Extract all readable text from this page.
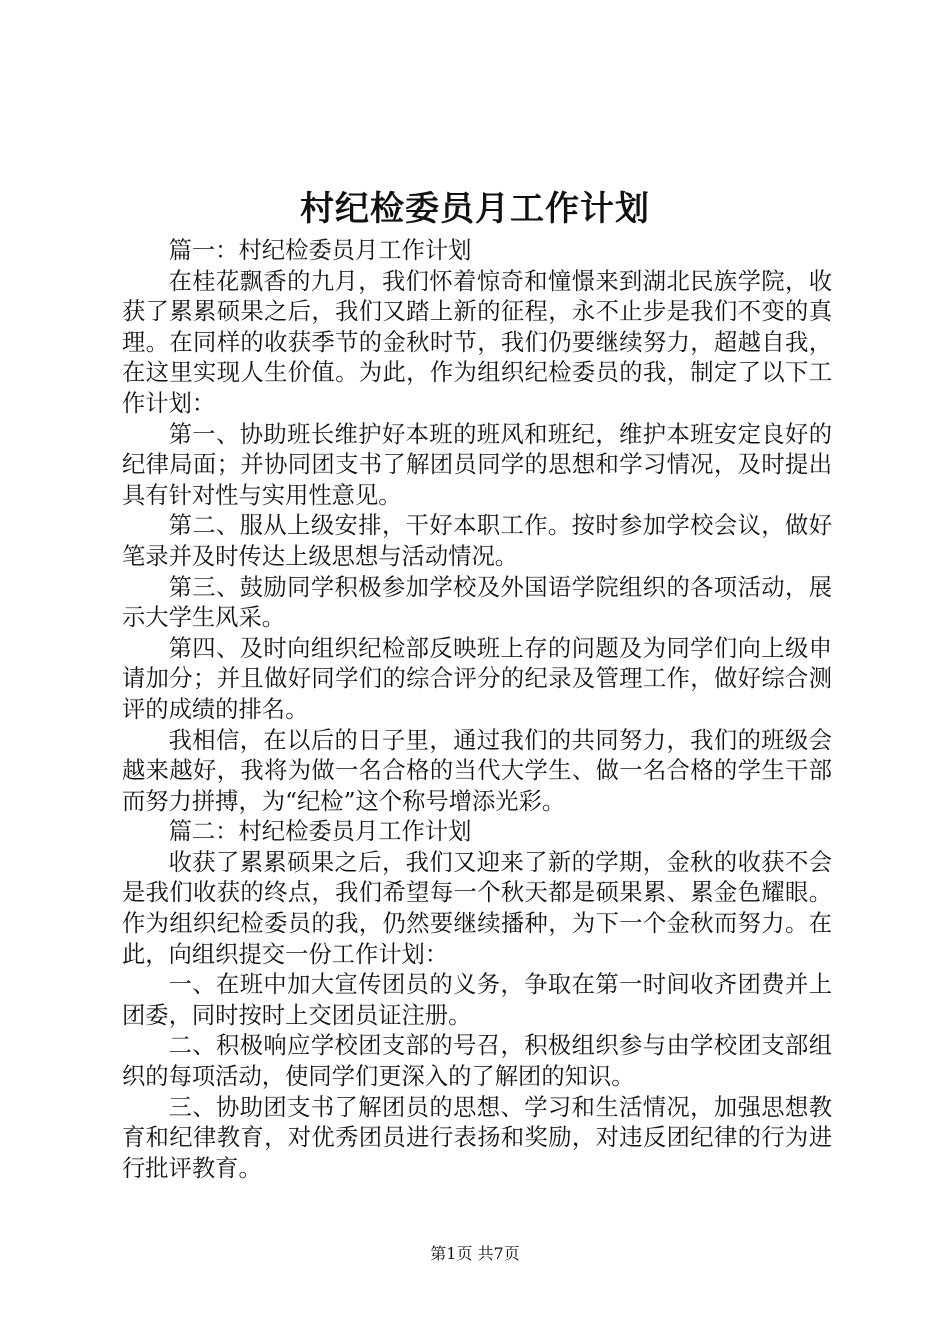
村纪检委员月工作计划

篇一：村纪检委员月工作计划

在桂花飘香的九月，我们怀着惊奇和憧憬来到湖北民族学院，收获了累累硕果之后，我们又踏上新的征程，永不止步是我们不变的真理。在同样的收获季节的金秋时节，我们仍要继续努力，超越自我，在这里实现人生价值。为此，作为组织纪检委员的我，制定了以下工作计划：

第一、协助班长维护好本班的班风和班纪，维护本班安定良好的纪律局面；并协同团支书了解团员同学的思想和学习情况，及时提出具有针对性与实用性意见。

第二、服从上级安排，干好本职工作。按时参加学校会议，做好笔录并及时传达上级思想与活动情况。

第三、鼓励同学积极参加学校及外国语学院组织的各项活动，展示大学生风采。

第四、及时向组织纪检部反映班上存的问题及为同学们向上级申请加分；并且做好同学们的综合评分的纪录及管理工作，做好综合测评的成绩的排名。

我相信，在以后的日子里，通过我们的共同努力，我们的班级会越来越好，我将为做一名合格的当代大学生、做一名合格的学生干部而努力拼搏，为“纪检”这个称号增添光彩。

篇二：村纪检委员月工作计划

收获了累累硕果之后，我们又迎来了新的学期，金秋的收获不会是我们收获的终点，我们希望每一个秋天都是硕果累、累金色耀眼。作为组织纪检委员的我，仍然要继续播种，为下一个金秋而努力。在此，向组织提交一份工作计划：

一、在班中加大宣传团员的义务，争取在第一时间收齐团费并上团委，同时按时上交团员证注册。

二、积极响应学校团支部的号召，积极组织参与由学校团支部组织的每项活动，使同学们更深入的了解团的知识。

三、协助团支书了解团员的思想、学习和生活情况，加强思想教育和纪律教育，对优秀团员进行表扬和奖励，对违反团纪律的行为进行批评教育。

第1页 共7页
